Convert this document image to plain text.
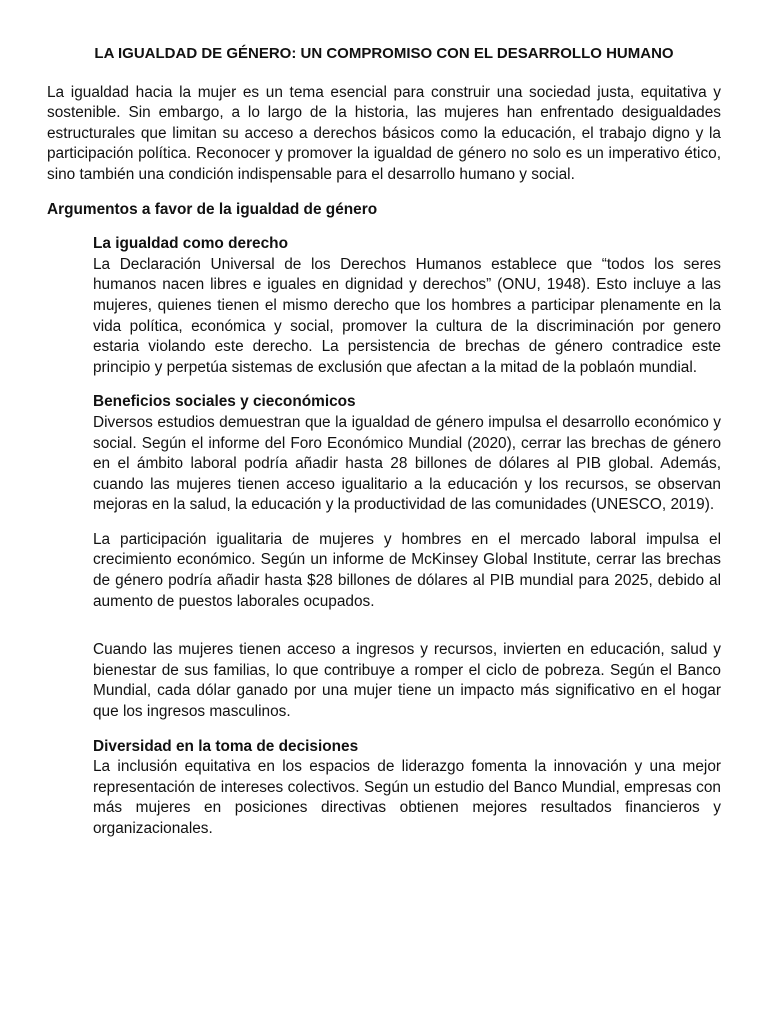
LA IGUALDAD DE GÉNERO: UN COMPROMISO CON EL DESARROLLO HUMANO

La igualdad hacia la mujer es un tema esencial para construir una sociedad justa, equitativa y sostenible. Sin embargo, a lo largo de la historia, las mujeres han enfrentado desigualdades estructurales que limitan su acceso a derechos básicos como la educación, el trabajo digno y la participación política. Reconocer y promover la igualdad de género no solo es un imperativo ético, sino también una condición indispensable para el desarrollo humano y social.

Argumentos a favor de la igualdad de género
La igualdad como derecho

La Declaración Universal de los Derechos Humanos establece que “todos los seres humanos nacen libres e iguales en dignidad y derechos” (ONU, 1948). Esto incluye a las mujeres, quienes tienen el mismo derecho que los hombres a participar plenamente en la vida política, económica y social, promover la cultura de la discriminación por genero estaria violando este derecho. La persistencia de brechas de género contradice este principio y perpetúa sistemas de exclusión que afectan a la mitad de la poblaón mundial.

Beneficios sociales y cieconómicos

Diversos estudios demuestran que la igualdad de género impulsa el desarrollo económico y social. Según el informe del Foro Económico Mundial (2020), cerrar las brechas de género en el ámbito laboral podría añadir hasta 28 billones de dólares al PIB global. Además, cuando las mujeres tienen acceso igualitario a la educación y los recursos, se observan mejoras en la salud, la educación y la productividad de las comunidades (UNESCO, 2019).

La participación igualitaria de mujeres y hombres en el mercado laboral impulsa el crecimiento económico. Según un informe de McKinsey Global Institute, cerrar las brechas de género podría añadir hasta $28 billones de dólares al PIB mundial para 2025, debido al aumento de puestos laborales ocupados.

Cuando las mujeres tienen acceso a ingresos y recursos, invierten en educación, salud y bienestar de sus familias, lo que contribuye a romper el ciclo de pobreza. Según el Banco Mundial, cada dólar ganado por una mujer tiene un impacto más significativo en el hogar que los ingresos masculinos.

Diversidad en la toma de decisiones

La inclusión equitativa en los espacios de liderazgo fomenta la innovación y una mejor representación de intereses colectivos. Según un estudio del Banco Mundial, empresas con más mujeres en posiciones directivas obtienen mejores resultados financieros y organizacionales.
